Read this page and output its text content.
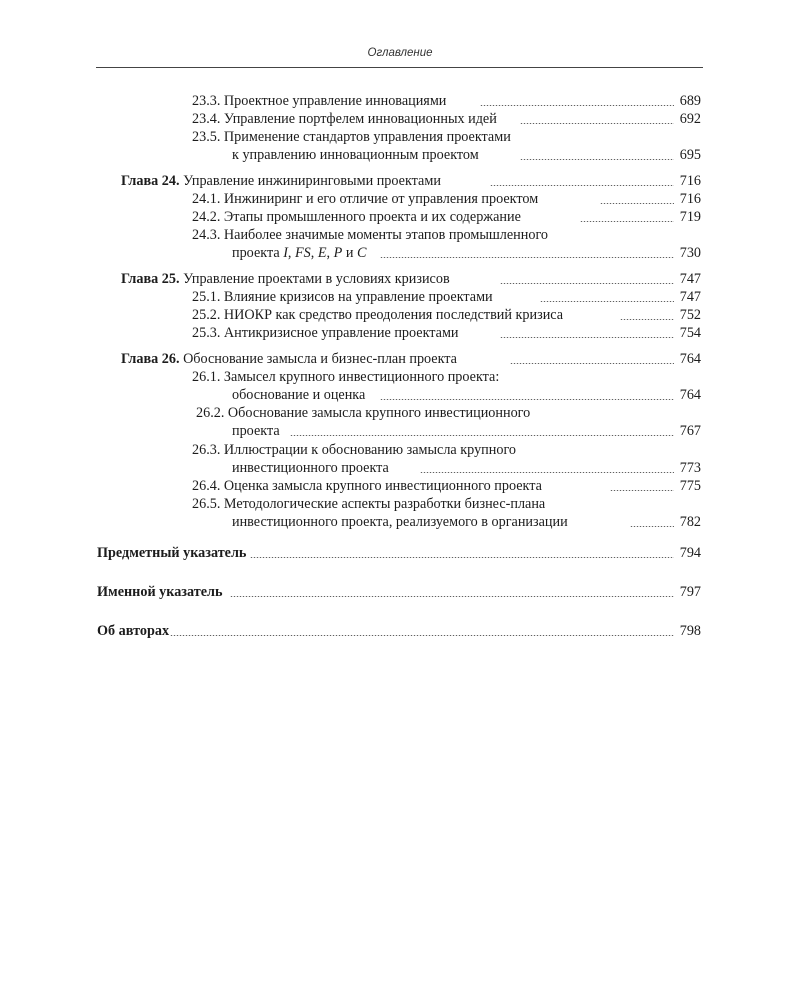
Оглавление
23.3. Проектное управление инновациями	689
23.4. Управление портфелем инновационных идей	692
23.5. Применение стандартов управления проектами
к управлению инновационным проектом	695
Глава 24. Управление инжиниринговыми проектами	716
24.1. Инжиниринг и его отличие от управления проектом	716
24.2. Этапы промышленного проекта и их содержание	719
24.3. Наиболее значимые моменты этапов промышленного
проекта I, FS, E, P и C	730
Глава 25. Управление проектами в условиях кризисов	747
25.1. Влияние кризисов на управление проектами	747
25.2. НИОКР как средство преодоления последствий кризиса	752
25.3. Антикризисное управление проектами	754
Глава 26. Обоснование замысла и бизнес-план проекта	764
26.1. Замысел крупного инвестиционного проекта:
обоснование и оценка	764
26.2. Обоснование замысла крупного инвестиционного
проекта	767
26.3. Иллюстрации к обоснованию замысла крупного
инвестиционного проекта	773
26.4. Оценка замысла крупного инвестиционного проекта	775
26.5. Методологические аспекты разработки бизнес-плана
инвестиционного проекта, реализуемого в организации	782
Предметный указатель	794
Именной указатель	797
Об авторах	798
